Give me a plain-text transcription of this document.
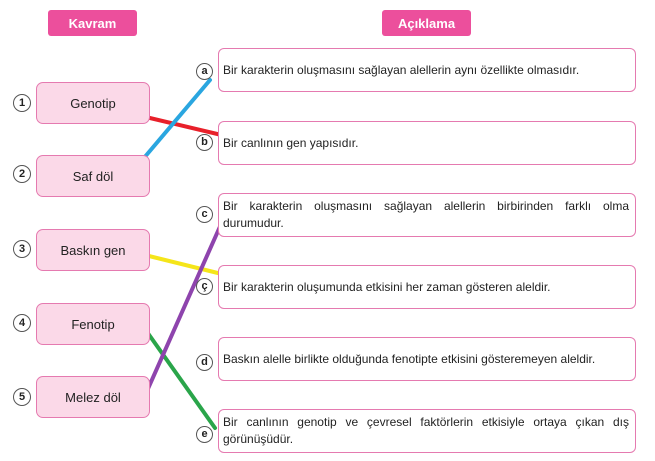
Kavram	Açıklama
1	Genotip
2	Saf döl
3	Baskın gen
4	Fenotip
5	Melez döl
Bir karakterin oluşmasını sağlayan alellerin aynı özellikte olmasıdır.
a
Bir canlının gen yapısıdır.
b
Bir karakterin oluşmasını sağlayan alellerin birbirinden farklı olma durumudur.
c
Bir karakterin oluşumunda etkisini her zaman gösteren aleldir.
ç
Baskın alelle birlikte olduğunda fenotipte etkisini gösteremeyen aleldir.
d
Bir canlının genotip ve çevresel faktörlerin etkisiyle ortaya çıkan dış görünüşüdür.
e
